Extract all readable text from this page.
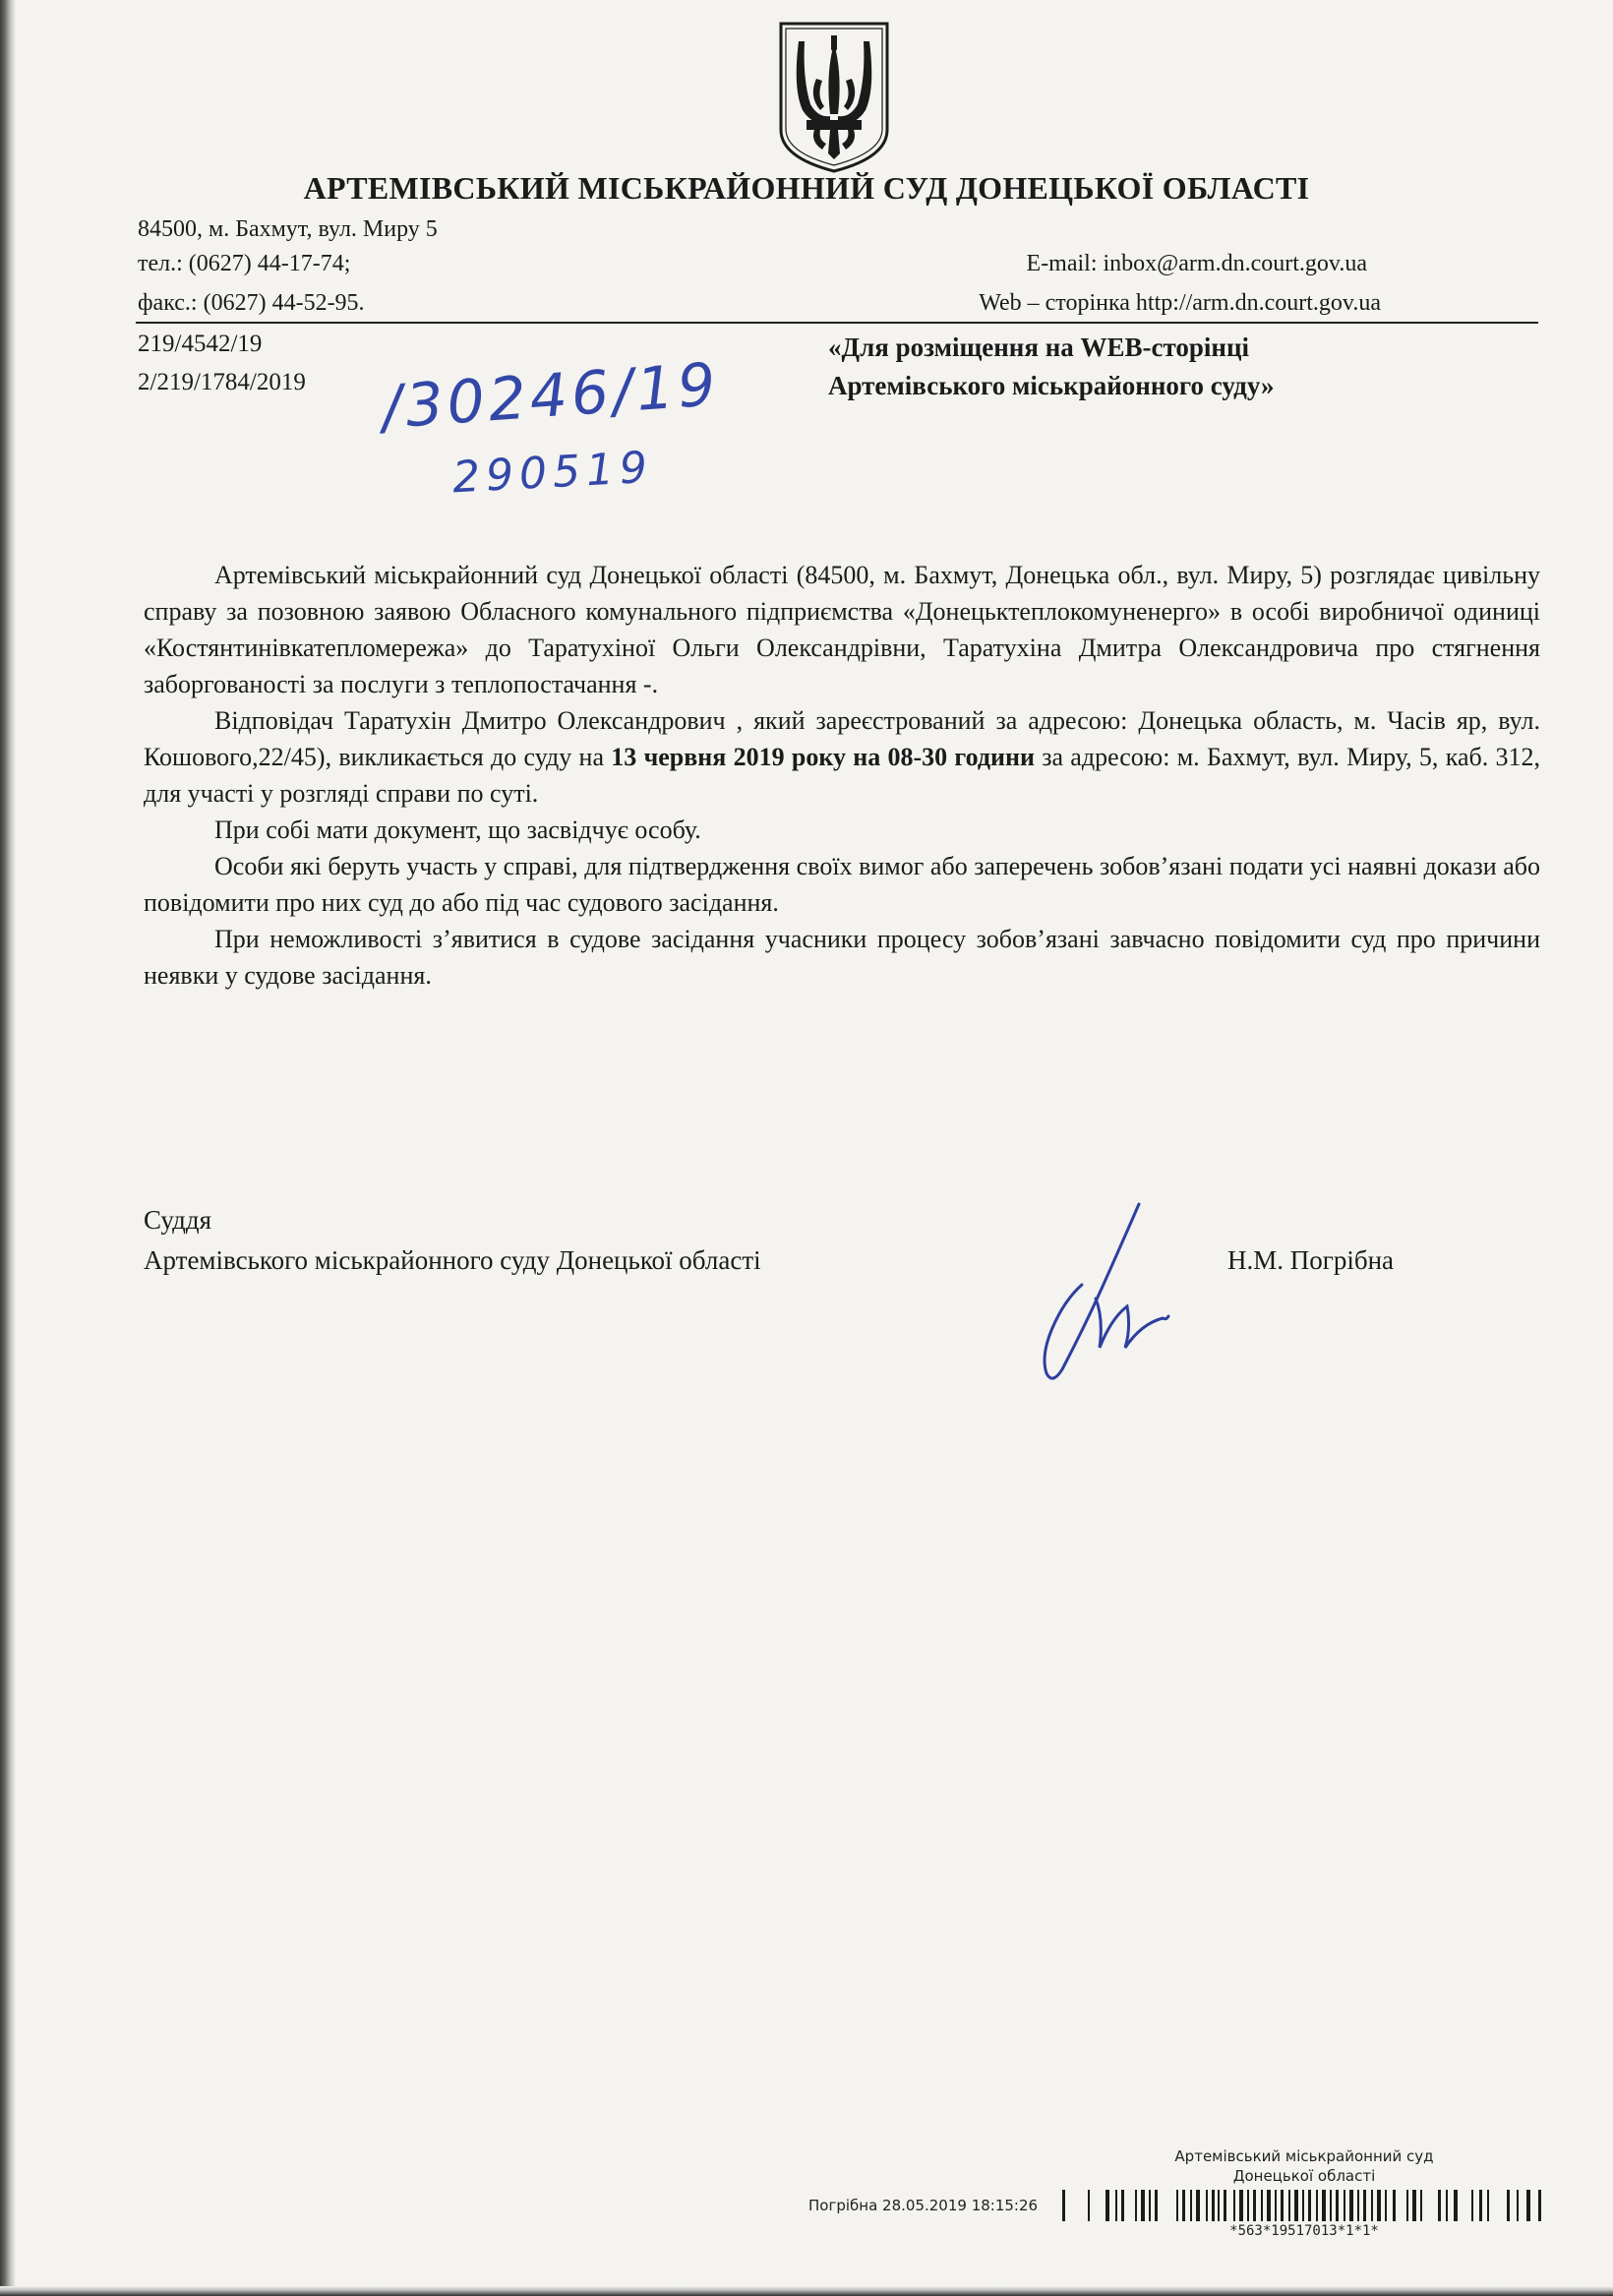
АРТЕМІВСЬКИЙ МІСЬКРАЙОННИЙ СУД ДОНЕЦЬКОЇ ОБЛАСТІ
84500, м. Бахмут, вул. Миру 5
тел.: (0627) 44-17-74;
факс.: (0627) 44-52-95.
E-mail: inbox@arm.dn.court.gov.ua
Web – сторінка http://arm.dn.court.gov.ua
219/4542/19
2/219/1784/2019 /30246/19
290519
«Для розміщення на WEB-сторінці
Артемівського міськрайонного суду»

Артемівський міськрайонний суд Донецької області (84500, м. Бахмут, Донецька обл., вул. Миру, 5) розглядає цивільну справу за позовною заявою Обласного комунального підприємства «Донецьктеплокомуненерго» в особі виробничої одиниці «Костянтинівкатепломережа» до Таратухіної Ольги Олександрівни, Таратухіна Дмитра Олександровича про стягнення заборгованості за послуги з теплопостачання -.

Відповідач Таратухін Дмитро Олександрович , який зареєстрований за адресою: Донецька область, м. Часів яр, вул. Кошового,22/45), викликається до суду на 13 червня 2019 року на 08-30 години за адресою: м. Бахмут, вул. Миру, 5, каб. 312, для участі у розгляді справи по суті.

При собі мати документ, що засвідчує особу.

Особи які беруть участь у справі, для підтвердження своїх вимог або заперечень зобов’язані подати усі наявні докази або повідомити про них суд до або під час судового засідання.

При неможливості з’явитися в судове засідання учасники процесу зобов’язані завчасно повідомити суд про причини неявки у судове засідання.

Суддя
Артемівського міськрайонного суду Донецької області	Н.М. Погрібна
Артемівський міськрайонний суд
Донецької області
Погрібна 28.05.2019 18:15:26
*563*19517013*1*1*
